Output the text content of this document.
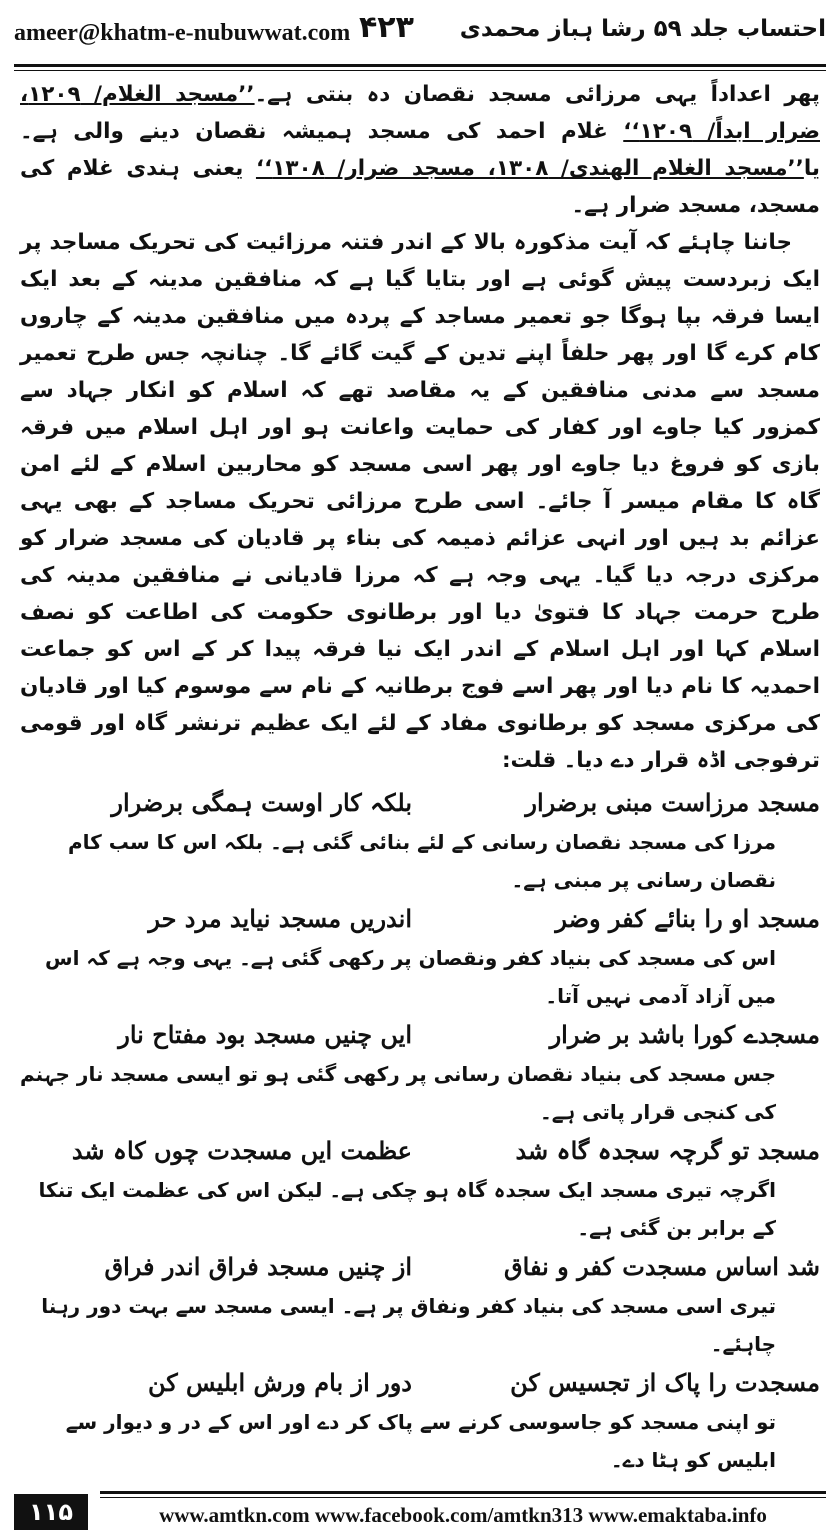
ameer@khatm-e-nubuwwat.com ۴۲۳ احتساب جلد ۵۹ رشا ہباز محمدی

پھر اعداداً یہی مرزائی مسجد نقصان دہ بنتی ہے۔’’مسجد الغلام/ ۱۲۰۹، ضرار ابداً/ ۱۲۰۹‘‘ غلام احمد کی مسجد ہمیشہ نقصان دینے والی ہے۔ یا’’مسجد الغلام الهندی/ ۱۳۰۸، مسجد ضرار/ ۱۳۰۸‘‘ یعنی ہندی غلام کی مسجد، مسجد ضرار ہے۔

جاننا چاہئے کہ آیت مذکورہ بالا کے اندر فتنہ مرزائیت کی تحریک مساجد پر ایک زبردست پیش گوئی ہے اور بتایا گیا ہے کہ منافقین مدینہ کے بعد ایک ایسا فرقہ بپا ہوگا جو تعمیر مساجد کے پردہ میں منافقین مدینہ کے چاروں کام کرے گا اور پھر حلفاً اپنے تدین کے گیت گائے گا۔ چنانچہ جس طرح تعمیر مسجد سے مدنی منافقین کے یہ مقاصد تھے کہ اسلام کو انکار جہاد سے کمزور کیا جاوے اور کفار کی حمایت واعانت ہو اور اہل اسلام میں فرقہ بازی کو فروغ دیا جاوے اور پھر اسی مسجد کو محاربین اسلام کے لئے امن گاہ کا مقام میسر آ جائے۔ اسی طرح مرزائی تحریک مساجد کے بھی یہی عزائم بد ہیں اور انہی عزائم ذمیمہ کی بناء پر قادیان کی مسجد ضرار کو مرکزی درجہ دیا گیا۔ یہی وجہ ہے کہ مرزا قادیانی نے منافقین مدینہ کی طرح حرمت جہاد کا فتویٰ دیا اور برطانوی حکومت کی اطاعت کو نصف اسلام کہا اور اہل اسلام کے اندر ایک نیا فرقہ پیدا کر کے اس کو جماعت احمدیہ کا نام دیا اور پھر اسے فوج برطانیہ کے نام سے موسوم کیا اور قادیان کی مرکزی مسجد کو برطانوی مفاد کے لئے ایک عظیم ترنشر گاہ اور قومی ترفوجی اڈہ قرار دے دیا۔ قلت:

مسجد مرزاست مبنی برضرار
بلکہ کار اوست ہمگی برضرار
مرزا کی مسجد نقصان رسانی کے لئے بنائی گئی ہے۔ بلکہ اس کا سب کام نقصان رسانی پر مبنی ہے۔
مسجد او را بنائے کفر وضر
اندریں مسجد نیاید مرد حر
اس کی مسجد کی بنیاد کفر ونقصان پر رکھی گئی ہے۔ یہی وجہ ہے کہ اس میں آزاد آدمی نہیں آتا۔
مسجدے کورا باشد بر ضرار
ایں چنیں مسجد بود مفتاح نار
جس مسجد کی بنیاد نقصان رسانی پر رکھی گئی ہو تو ایسی مسجد نار جہنم کی کنجی قرار پاتی ہے۔
مسجد تو گرچہ سجدہ گاہ شد
عظمت ایں مسجدت چوں کاہ شد
اگرچہ تیری مسجد ایک سجدہ گاہ ہو چکی ہے۔ لیکن اس کی عظمت ایک تنکا کے برابر بن گئی ہے۔
شد اساس مسجدت کفر و نفاق
از چنیں مسجد فراق اندر فراق
تیری اسی مسجد کی بنیاد کفر ونفاق پر ہے۔ ایسی مسجد سے بہت دور رہنا چاہئے۔
مسجدت را پاک از تجسیس کن
دور از بام ورش ابلیس کن
تو اپنی مسجد کو جاسوسی کرنے سے پاک کر دے اور اس کے در و دیوار سے ابلیس کو ہٹا دے۔
۱۱۵	www.amtkn.com www.facebook.com/amtkn313 www.emaktaba.info
